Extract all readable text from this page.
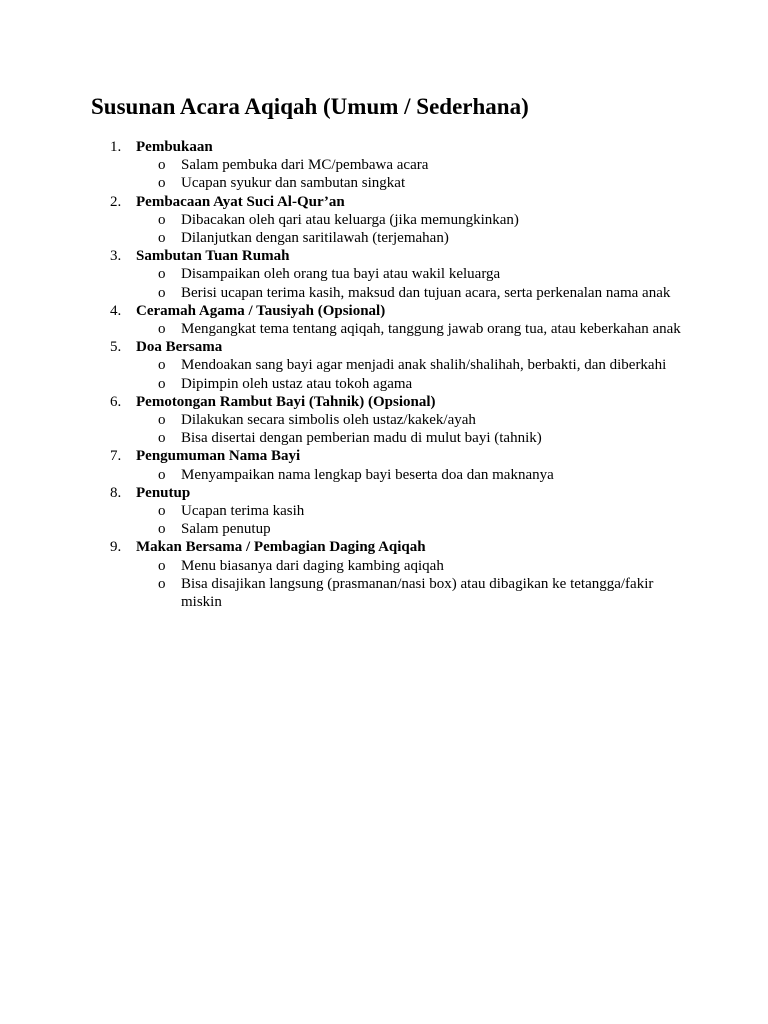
Susunan Acara Aqiqah (Umum / Sederhana)
1. Pembukaan
o Salam pembuka dari MC/pembawa acara
o Ucapan syukur dan sambutan singkat
2. Pembacaan Ayat Suci Al-Qur’an
o Dibacakan oleh qari atau keluarga (jika memungkinkan)
o Dilanjutkan dengan saritilawah (terjemahan)
3. Sambutan Tuan Rumah
o Disampaikan oleh orang tua bayi atau wakil keluarga
o Berisi ucapan terima kasih, maksud dan tujuan acara, serta perkenalan nama anak
4. Ceramah Agama / Tausiyah (Opsional)
o Mengangkat tema tentang aqiqah, tanggung jawab orang tua, atau keberkahan anak
5. Doa Bersama
o Mendoakan sang bayi agar menjadi anak shalih/shalihah, berbakti, dan diberkahi
o Dipimpin oleh ustaz atau tokoh agama
6. Pemotongan Rambut Bayi (Tahnik) (Opsional)
o Dilakukan secara simbolis oleh ustaz/kakek/ayah
o Bisa disertai dengan pemberian madu di mulut bayi (tahnik)
7. Pengumuman Nama Bayi
o Menyampaikan nama lengkap bayi beserta doa dan maknanya
8. Penutup
o Ucapan terima kasih
o Salam penutup
9. Makan Bersama / Pembagian Daging Aqiqah
o Menu biasanya dari daging kambing aqiqah
o Bisa disajikan langsung (prasmanan/nasi box) atau dibagikan ke tetangga/fakir miskin
